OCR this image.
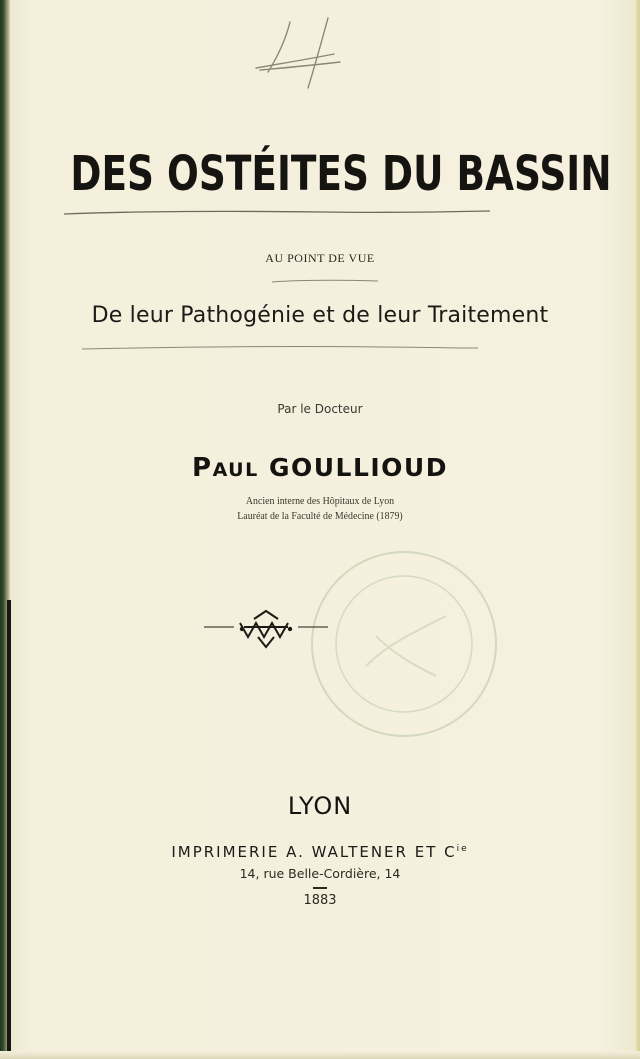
DES OSTÉITES DU BASSIN
AU POINT DE VUE
De leur Pathogénie et de leur Traitement
Par le Docteur
PAUL GOULLIOUD
Ancien interne des Hôpitaux de Lyon
Lauréat de la Faculté de Médecine (1879)
LYON
IMPRIMERIE A. WALTENER ET $C^{ie}$
14, rue Belle-Cordière, 14
1883
